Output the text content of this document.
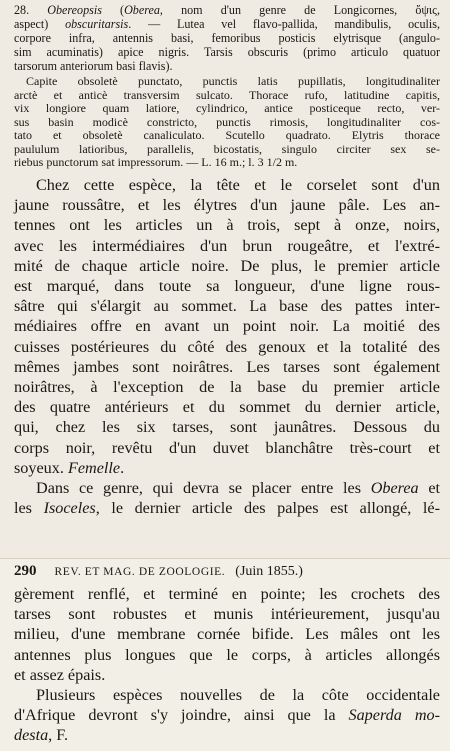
28. Obereopsis (Oberea, nom d'un genre de Longicornes, ὄψις,
aspect) obscuritarsis. — Lutea vel flavo-pallida, mandibulis, oculis,
corpore infra, antennis basi, femoribus posticis elytrisque (angulo-
sim acuminatis) apice nigris. Tarsis obscuris (primo articulo quatuor
tarsorum anteriorum basi flavis).
Capite obsoletè punctato, punctis latis pupillatis, longitudinaliter
arctè et anticè transversim sulcato. Thorace rufo, latitudine capitis,
vix longiore quam latiore, cylindrico, antice posticeque recto, ver-
sus basin modicè constricto, punctis rimosis, longitudinaliter cos-
tato et obsoletè canaliculato. Scutello quadrato. Elytris thorace
paululum latioribus, parallelis, bicostatis, singulo circiter sex se-
riebus punctorum sat impressorum. — L. 16 m.; l. 3 1/2 m.
Chez cette espèce, la tête et le corselet sont d'un
jaune roussâtre, et les élytres d'un jaune pâle. Les an-
tennes ont les articles un à trois, sept à onze, noirs,
avec les intermédiaires d'un brun rougeâtre, et l'extré-
mité de chaque article noire. De plus, le premier article
est marqué, dans toute sa longueur, d'une ligne rous-
sâtre qui s'élargit au sommet. La base des pattes inter-
médiaires offre en avant un point noir. La moitié des
cuisses postérieures du côté des genoux et la totalité des
mêmes jambes sont noirâtres. Les tarses sont également
noirâtres, à l'exception de la base du premier article
des quatre antérieurs et du sommet du dernier article,
qui, chez les six tarses, sont jaunâtres. Dessous du
corps noir, revêtu d'un duvet blanchâtre très-court et
soyeux. Femelle.
Dans ce genre, qui devra se placer entre les Oberea et
les Isoceles, le dernier article des palpes est allongé, lé-
290 REV. ET MAG. DE ZOOLOGIE. (Juin 1855.)
gèrement renflé, et terminé en pointe; les crochets des
tarses sont robustes et munis intérieurement, jusqu'au
milieu, d'une membrane cornée bifide. Les mâles ont les
antennes plus longues que le corps, à articles allongés
et assez épais.
Plusieurs espèces nouvelles de la côte occidentale
d'Afrique devront s'y joindre, ainsi que la Saperda mo-
desta, F.
